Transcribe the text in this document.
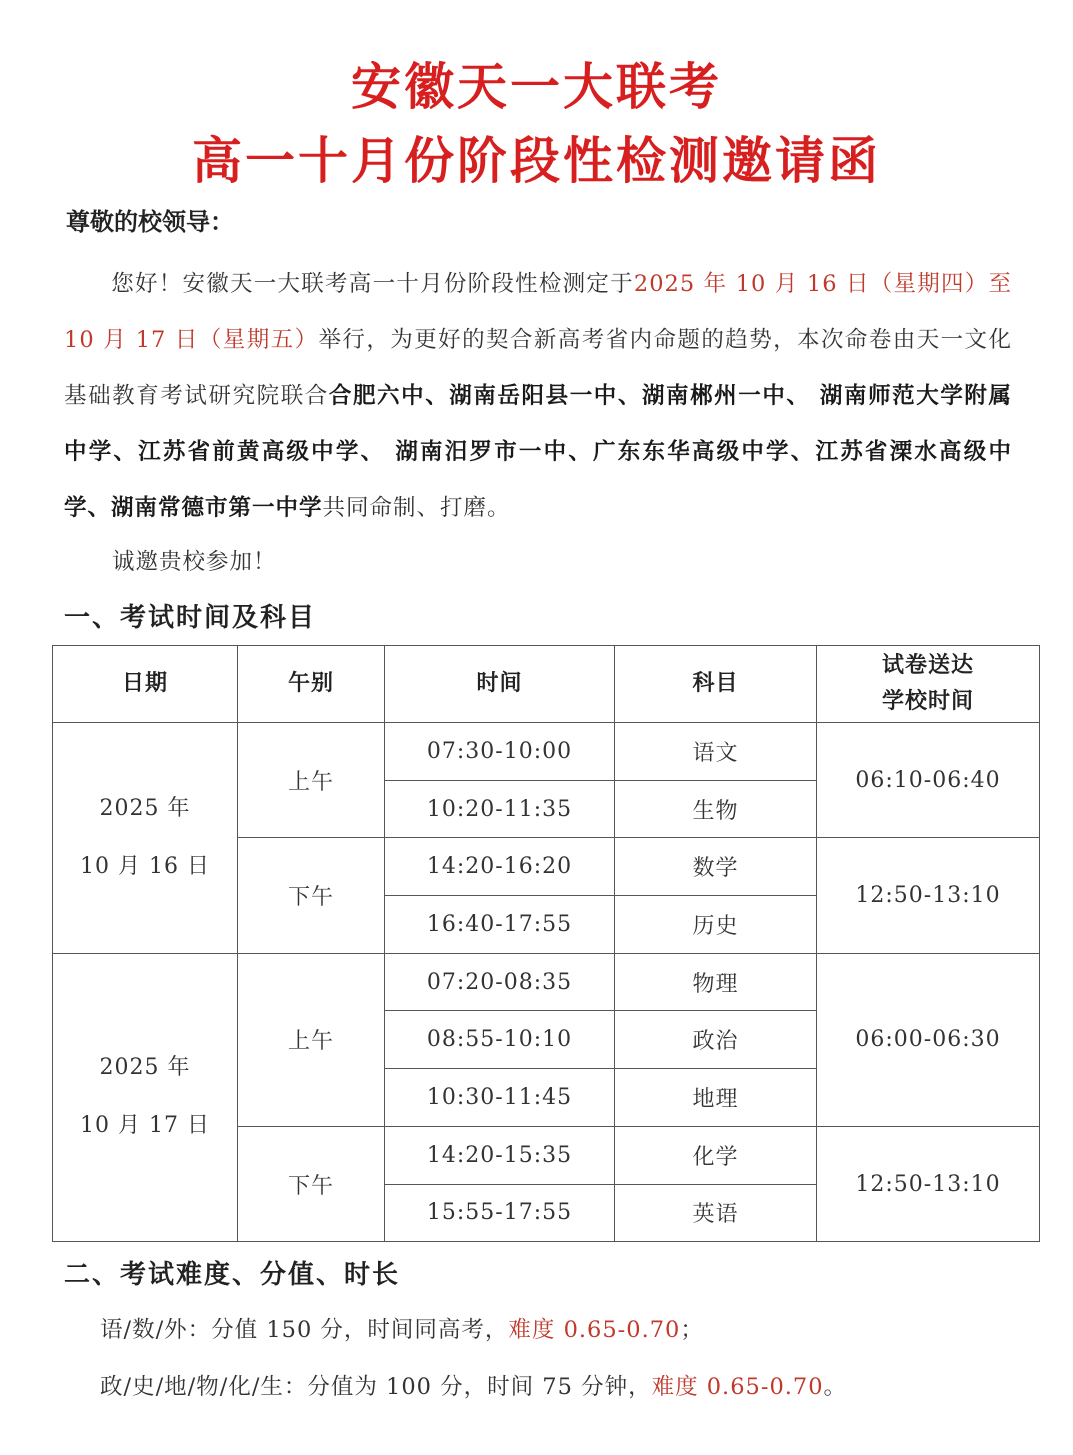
安徽天一大联考
高一十月份阶段性检测邀请函
尊敬的校领导：
  您好！安徽天一大联考高一十月份阶段性检测定于2025 年 10 月 16 日（星期四）至 10 月 17 日（星期五）举行，为更好的契合新高考省内命题的趋势，本次命卷由天一文化基础教育考试研究院联合合肥六中、湖南岳阳县一中、湖南郴州一中、 湖南师范大学附属中学、江苏省前黄高级中学、 湖南汨罗市一中、广东东华高级中学、江苏省溧水高级中学、湖南常德市第一中学共同命制、打磨。
诚邀贵校参加！
一、考试时间及科目
日期	午别	时间	科目	试卷送达
学校时间
2025 年
10 月 16 日	上午	07:30-10:00	语文	06:10-06:40
		10:20-11:35	生物	
	下午	14:20-16:20	数学	12:50-13:10
		16:40-17:55	历史	
2025 年
10 月 17 日	上午	07:20-08:35	物理	06:00-06:30
		08:55-10:10	政治	
		10:30-11:45	地理	
	下午	14:20-15:35	化学	12:50-13:10
		15:55-17:55	英语	
二、考试难度、分值、时长
语/数/外：分值 150 分，时间同高考，难度 0.65-0.70；
政/史/地/物/化/生：分值为 100 分，时间 75 分钟，难度 0.65-0.70。
